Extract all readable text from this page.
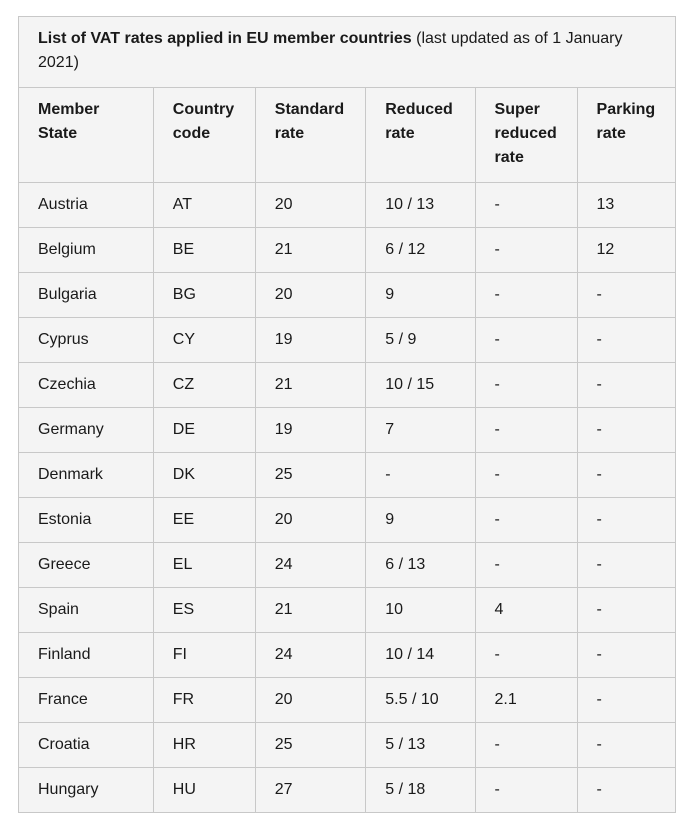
List of VAT rates applied in EU member countries (last updated as of 1 January 2021)					
Member State	Country code	Standard rate	Reduced rate	Super reduced rate	Parking rate
Austria	AT	20	10 / 13	-	13
Belgium	BE	21	6 / 12	-	12
Bulgaria	BG	20	9	-	-
Cyprus	CY	19	5 / 9	-	-
Czechia	CZ	21	10 / 15	-	-
Germany	DE	19	7	-	-
Denmark	DK	25	-	-	-
Estonia	EE	20	9	-	-
Greece	EL	24	6 / 13	-	-
Spain	ES	21	10	4	-
Finland	FI	24	10 / 14	-	-
France	FR	20	5.5 / 10	2.1	-
Croatia	HR	25	5 / 13	-	-
Hungary	HU	27	5 / 18	-	-
